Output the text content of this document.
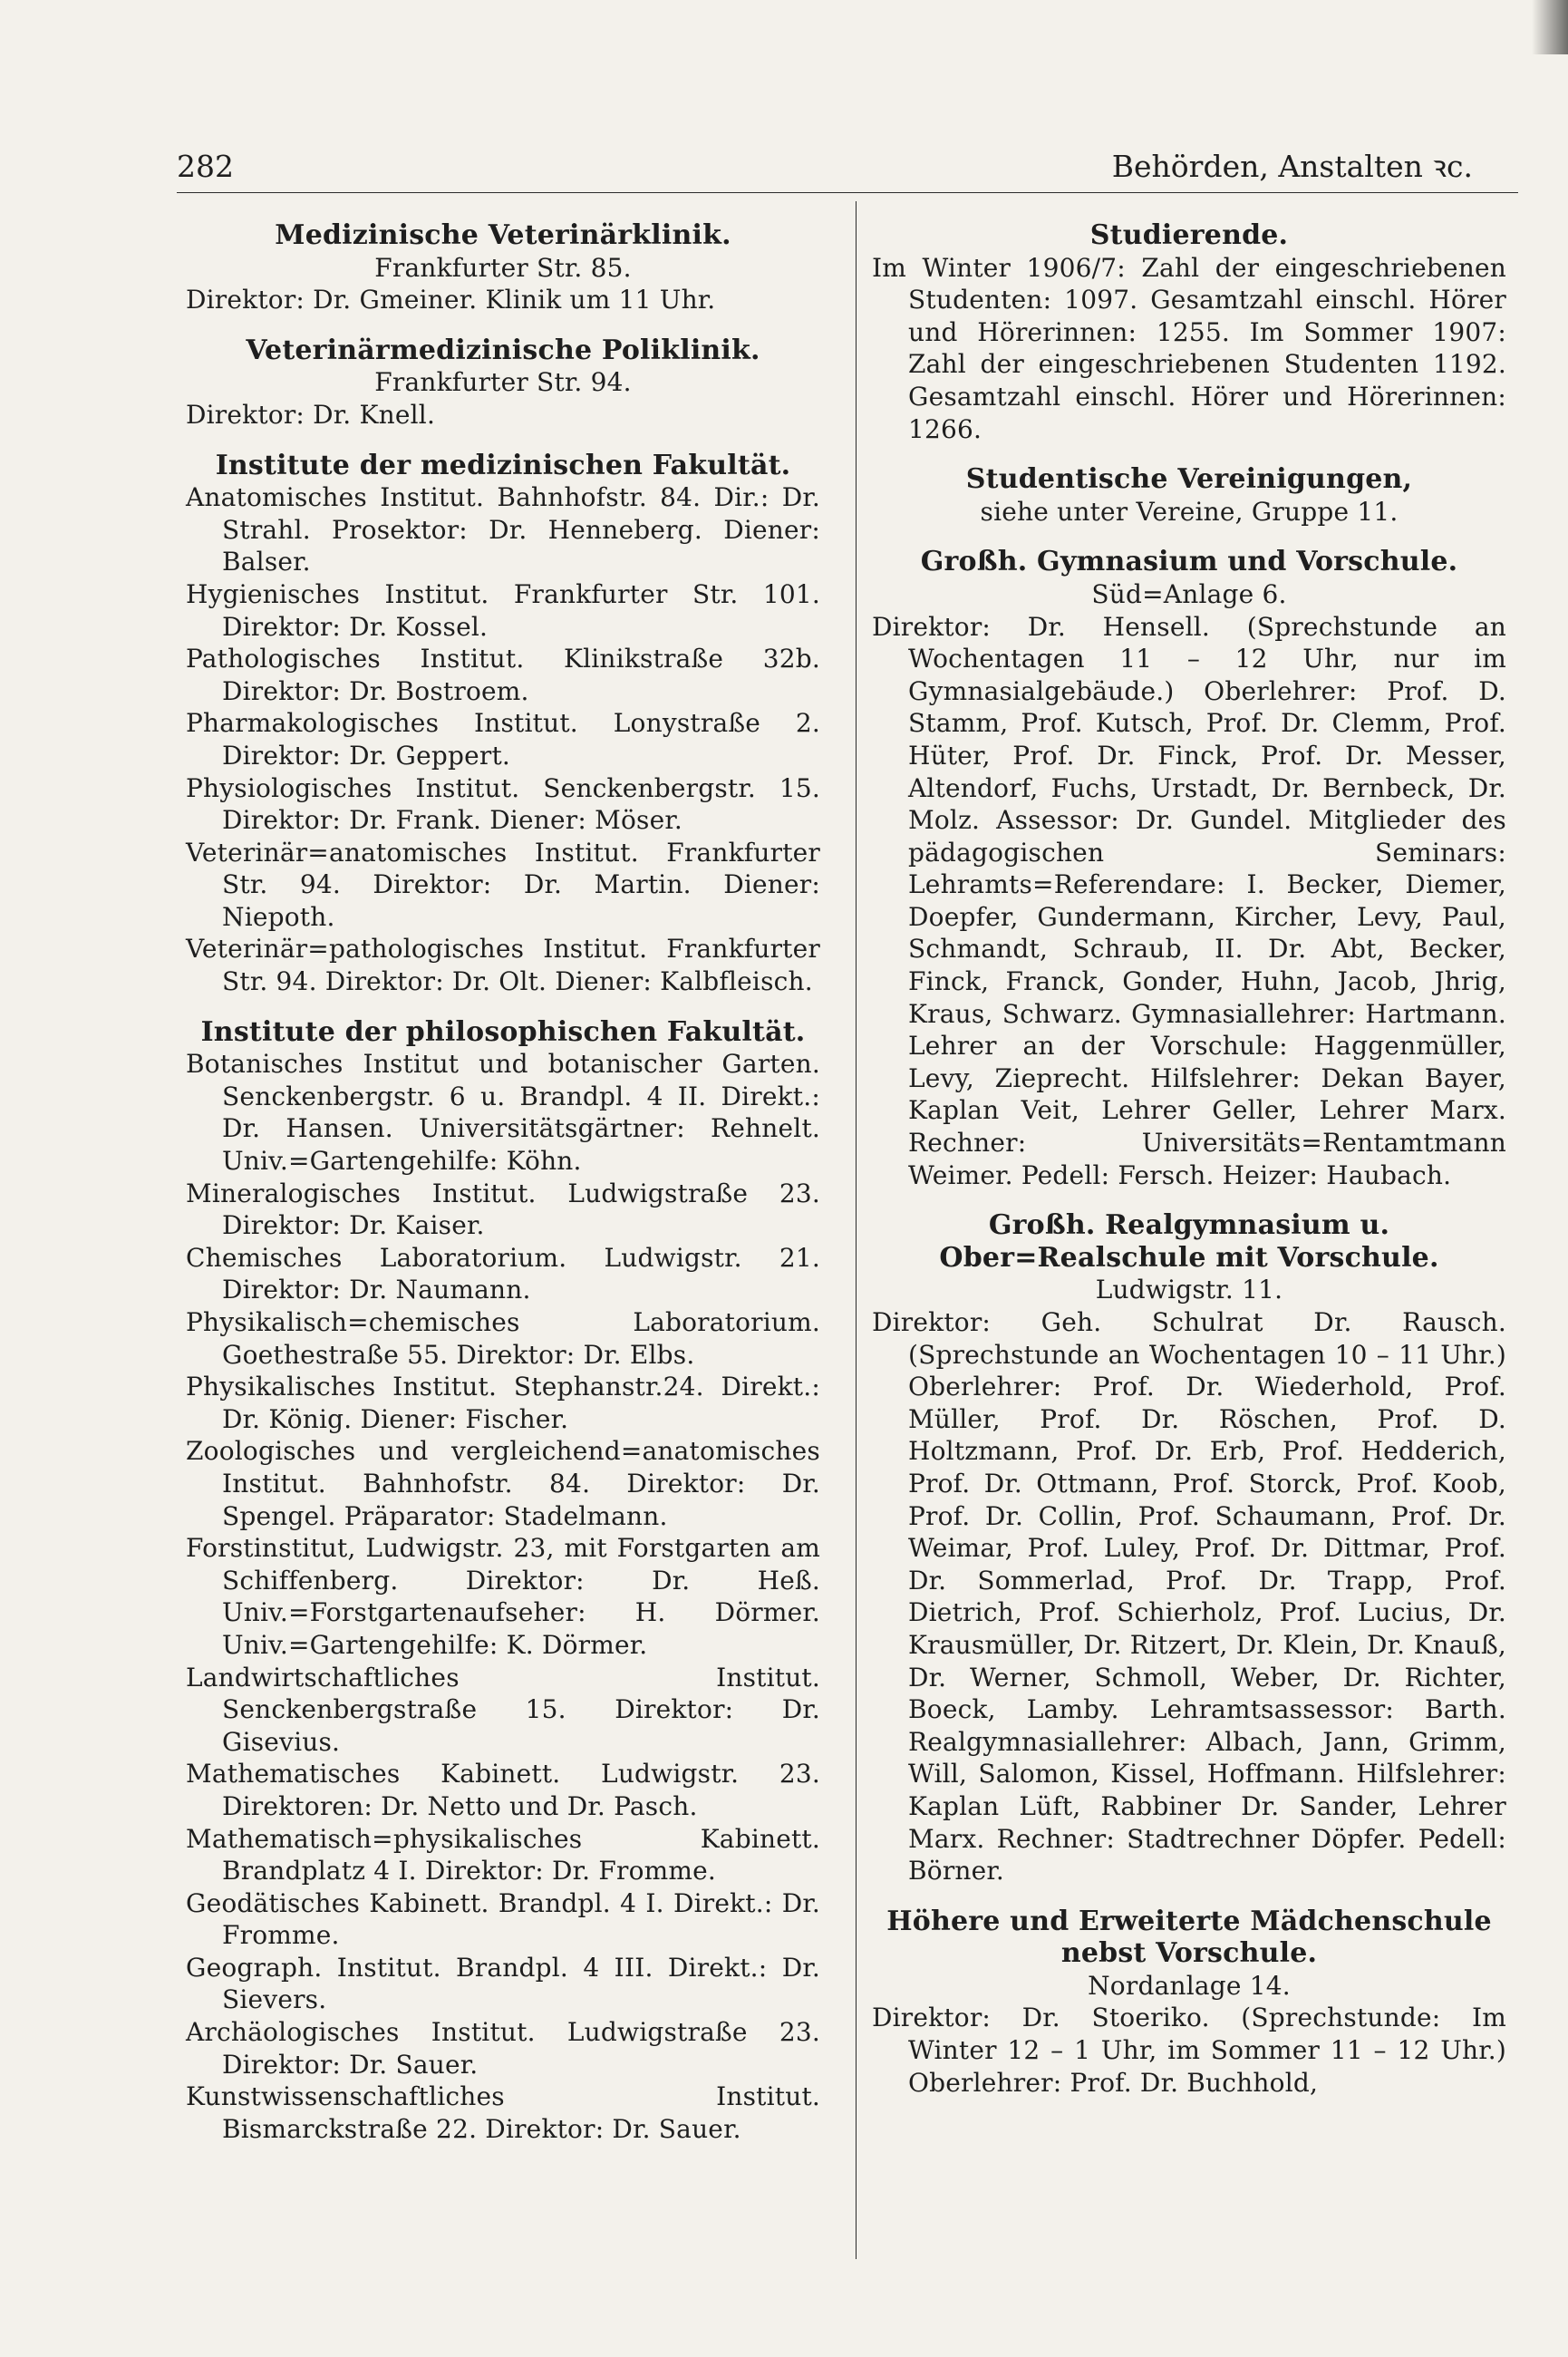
282	Behörden, Anstalten ꝛc.
Medizinische Veterinärklinik.
Frankfurter Str. 85.
Direktor: Dr. Gmeiner. Klinik um 11 Uhr.
Veterinärmedizinische Poliklinik.
Frankfurter Str. 94.
Direktor: Dr. Knell.
Institute der medizinischen Fakultät.
Anatomisches Institut. Bahnhofstr. 84. Dir.: Dr. Strahl. Prosektor: Dr. Henneberg. Diener: Balser.
Hygienisches Institut. Frankfurter Str. 101. Direktor: Dr. Kossel.
Pathologisches Institut. Klinikstraße 32b. Direktor: Dr. Bostroem.
Pharmakologisches Institut. Lonystraße 2. Direktor: Dr. Geppert.
Physiologisches Institut. Senckenbergstr. 15. Direktor: Dr. Frank. Diener: Möser.
Veterinär=anatomisches Institut. Frankfurter Str. 94. Direktor: Dr. Martin. Diener: Niepoth.
Veterinär=pathologisches Institut. Frankfurter Str. 94. Direktor: Dr. Olt. Diener: Kalbfleisch.
Institute der philosophischen Fakultät.
Botanisches Institut und botanischer Garten. Senckenbergstr. 6 u. Brandpl. 4 II. Direkt.: Dr. Hansen. Universitätsgärtner: Rehnelt. Univ.=Gartengehilfe: Köhn.
Mineralogisches Institut. Ludwigstraße 23. Direktor: Dr. Kaiser.
Chemisches Laboratorium. Ludwigstr. 21. Direktor: Dr. Naumann.
Physikalisch=chemisches Laboratorium. Goethestraße 55. Direktor: Dr. Elbs.
Physikalisches Institut. Stephanstr.24. Direkt.: Dr. König. Diener: Fischer.
Zoologisches und vergleichend=anatomisches Institut. Bahnhofstr. 84. Direktor: Dr. Spengel. Präparator: Stadelmann.
Forstinstitut, Ludwigstr. 23, mit Forstgarten am Schiffenberg. Direktor: Dr. Heß. Univ.=Forstgartenaufseher: H. Dörmer. Univ.=Gartengehilfe: K. Dörmer.
Landwirtschaftliches Institut. Senckenbergstraße 15. Direktor: Dr. Gisevius.
Mathematisches Kabinett. Ludwigstr. 23. Direktoren: Dr. Netto und Dr. Pasch.
Mathematisch=physikalisches Kabinett. Brandplatz 4 I. Direktor: Dr. Fromme.
Geodätisches Kabinett. Brandpl. 4 I. Direkt.: Dr. Fromme.
Geograph. Institut. Brandpl. 4 III. Direkt.: Dr. Sievers.
Archäologisches Institut. Ludwigstraße 23. Direktor: Dr. Sauer.
Kunstwissenschaftliches Institut. Bismarckstraße 22. Direktor: Dr. Sauer.
Studierende.
Im Winter 1906/7: Zahl der eingeschriebenen Studenten: 1097. Gesamtzahl einschl. Hörer und Hörerinnen: 1255. Im Sommer 1907: Zahl der eingeschriebenen Studenten 1192. Gesamtzahl einschl. Hörer und Hörerinnen: 1266.
Studentische Vereinigungen,
siehe unter Vereine, Gruppe 11.
Großh. Gymnasium und Vorschule.
Süd=Anlage 6.
Direktor: Dr. Hensell. (Sprechstunde an Wochentagen 11 – 12 Uhr, nur im Gymnasialgebäude.) Oberlehrer: Prof. D. Stamm, Prof. Kutsch, Prof. Dr. Clemm, Prof. Hüter, Prof. Dr. Finck, Prof. Dr. Messer, Altendorf, Fuchs, Urstadt, Dr. Bernbeck, Dr. Molz. Assessor: Dr. Gundel. Mitglieder des pädagogischen Seminars: Lehramts=Referendare: I. Becker, Diemer, Doepfer, Gundermann, Kircher, Levy, Paul, Schmandt, Schraub, II. Dr. Abt, Becker, Finck, Franck, Gonder, Huhn, Jacob, Jhrig, Kraus, Schwarz. Gymnasiallehrer: Hartmann. Lehrer an der Vorschule: Haggenmüller, Levy, Zieprecht. Hilfslehrer: Dekan Bayer, Kaplan Veit, Lehrer Geller, Lehrer Marx. Rechner: Universitäts=Rentamtmann Weimer. Pedell: Fersch. Heizer: Haubach.
Großh. Realgymnasium u. Ober=Realschule mit Vorschule.
Ludwigstr. 11.
Direktor: Geh. Schulrat Dr. Rausch. (Sprechstunde an Wochentagen 10 – 11 Uhr.) Oberlehrer: Prof. Dr. Wiederhold, Prof. Müller, Prof. Dr. Röschen, Prof. D. Holtzmann, Prof. Dr. Erb, Prof. Hedderich, Prof. Dr. Ottmann, Prof. Storck, Prof. Koob, Prof. Dr. Collin, Prof. Schaumann, Prof. Dr. Weimar, Prof. Luley, Prof. Dr. Dittmar, Prof. Dr. Sommerlad, Prof. Dr. Trapp, Prof. Dietrich, Prof. Schierholz, Prof. Lucius, Dr. Krausmüller, Dr. Ritzert, Dr. Klein, Dr. Knauß, Dr. Werner, Schmoll, Weber, Dr. Richter, Boeck, Lamby. Lehramtsassessor: Barth. Realgymnasiallehrer: Albach, Jann, Grimm, Will, Salomon, Kissel, Hoffmann. Hilfslehrer: Kaplan Lüft, Rabbiner Dr. Sander, Lehrer Marx. Rechner: Stadtrechner Döpfer. Pedell: Börner.
Höhere und Erweiterte Mädchenschule nebst Vorschule.
Nordanlage 14.
Direktor: Dr. Stoeriko. (Sprechstunde: Im Winter 12 – 1 Uhr, im Sommer 11 – 12 Uhr.) Oberlehrer: Prof. Dr. Buchhold,
